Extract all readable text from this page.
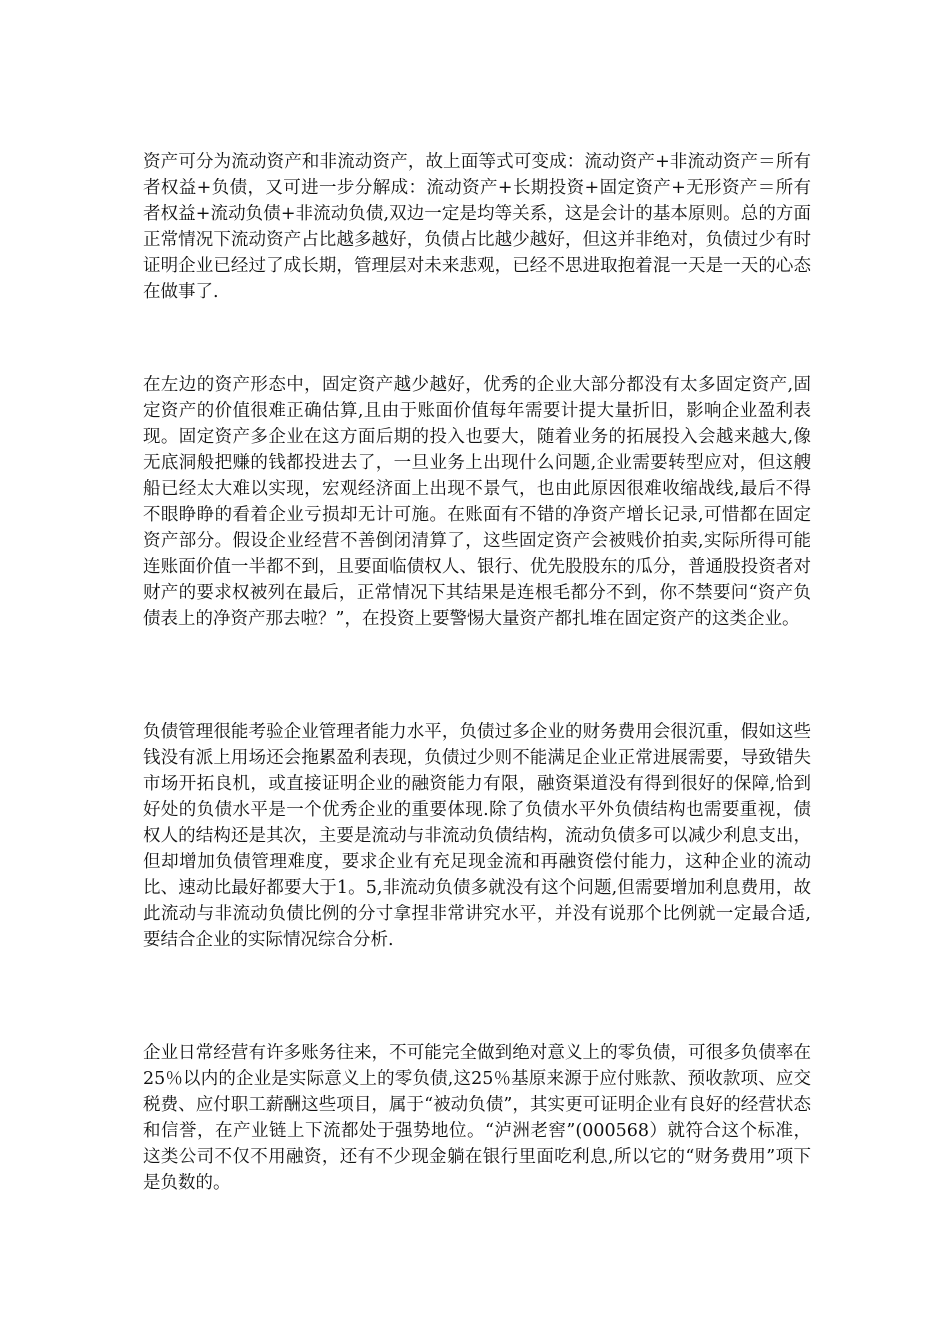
资产可分为流动资产和非流动资产，故上面等式可变成：流动资产+非流动资产＝所有者权益+负债，又可进一步分解成：流动资产+长期投资+固定资产+无形资产＝所有者权益+流动负债+非流动负债,双边一定是均等关系，这是会计的基本原则。总的方面正常情况下流动资产占比越多越好，负债占比越少越好，但这并非绝对，负债过少有时证明企业已经过了成长期，管理层对未来悲观，已经不思进取抱着混一天是一天的心态在做事了.

在左边的资产形态中，固定资产越少越好，优秀的企业大部分都没有太多固定资产,固定资产的价值很难正确估算,且由于账面价值每年需要计提大量折旧，影响企业盈利表现。固定资产多企业在这方面后期的投入也要大，随着业务的拓展投入会越来越大,像无底洞般把赚的钱都投进去了，一旦业务上出现什么问题,企业需要转型应对，但这艘船已经太大难以实现，宏观经济面上出现不景气，也由此原因很难收缩战线,最后不得不眼睁睁的看着企业亏损却无计可施。在账面有不错的净资产增长记录,可惜都在固定资产部分。假设企业经营不善倒闭清算了，这些固定资产会被贱价拍卖,实际所得可能连账面价值一半都不到，且要面临债权人、银行、优先股股东的瓜分，普通股投资者对财产的要求权被列在最后，正常情况下其结果是连根毛都分不到，你不禁要问“资产负债表上的净资产那去啦？”，在投资上要警惕大量资产都扎堆在固定资产的这类企业。

负债管理很能考验企业管理者能力水平，负债过多企业的财务费用会很沉重，假如这些钱没有派上用场还会拖累盈利表现，负债过少则不能满足企业正常进展需要，导致错失市场开拓良机，或直接证明企业的融资能力有限，融资渠道没有得到很好的保障,恰到好处的负债水平是一个优秀企业的重要体现.除了负债水平外负债结构也需要重视，债权人的结构还是其次，主要是流动与非流动负债结构，流动负债多可以减少利息支出，但却增加负债管理难度，要求企业有充足现金流和再融资偿付能力，这种企业的流动比、速动比最好都要大于1。5,非流动负债多就没有这个问题,但需要增加利息费用，故此流动与非流动负债比例的分寸拿捏非常讲究水平，并没有说那个比例就一定最合适,要结合企业的实际情况综合分析.

企业日常经营有许多账务往来，不可能完全做到绝对意义上的零负债，可很多负债率在25％以内的企业是实际意义上的零负债,这25％基原来源于应付账款、预收款项、应交税费、应付职工薪酬这些项目，属于“被动负债”，其实更可证明企业有良好的经营状态和信誉，在产业链上下流都处于强势地位。“泸洲老窖”(000568）就符合这个标准，这类公司不仅不用融资，还有不少现金躺在银行里面吃利息,所以它的“财务费用”项下是负数的。
